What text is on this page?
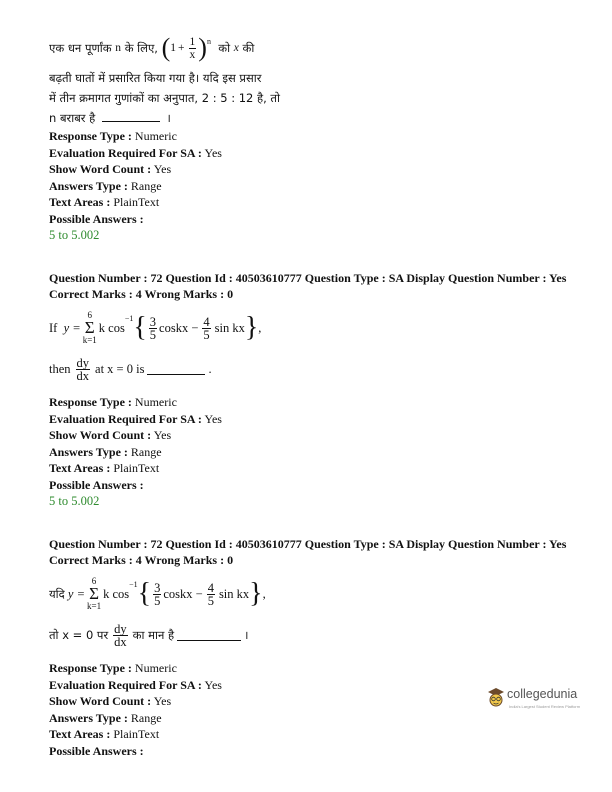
एक धन पूर्णांक
n
के लिए,
( $1 + \frac{1}{x} )^n$
को
x
की
बढ़ती घातों में प्रसारित किया गया है। यदि इस प्रसार
में तीन क्रमागत गुणांकों का अनुपात, 2 : 5 : 12 है, तो
n बराबर है	।

Response Type : Numeric

Evaluation Required For SA : Yes

Show Word Count : Yes

Answers Type : Range

Text Areas : PlainText

Possible Answers :

5 to 5.002
Question Number : 72 Question Id : 40503610777 Question Type : SA Display Question Number : Yes
Correct Marks : 4 Wrong Marks : 0
If
y =
6
Σ
k=1
k cos
$^{-1}$ { $\frac{3}{5}$ coskx − $\frac{4}{5}$ sin kx } ,
then $\frac{dy}{dx}$ at x = 0 is	.

Response Type : Numeric

Evaluation Required For SA : Yes

Show Word Count : Yes

Answers Type : Range

Text Areas : PlainText

Possible Answers :

5 to 5.002
Question Number : 72 Question Id : 40503610777 Question Type : SA Display Question Number : Yes
Correct Marks : 4 Wrong Marks : 0
यदि
y =
6
Σ
k=1
k cos
$^{-1}$ { $\frac{3}{5}$ coskx − $\frac{4}{5}$ sin kx } ,
तो x = 0 पर $\frac{dy}{dx}$ का मान है	।

Response Type : Numeric

Evaluation Required For SA : Yes

Show Word Count : Yes

Answers Type : Range

Text Areas : PlainText

Possible Answers :

collegedunia
India's Largest Student Review Platform
